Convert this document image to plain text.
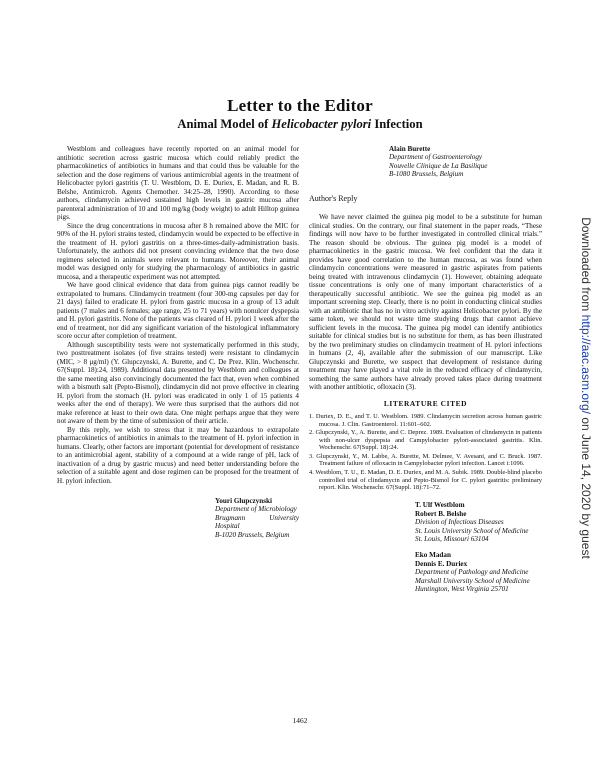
Letter to the Editor
Animal Model of Helicobacter pylori Infection

Westblom and colleagues have recently reported on an animal model for antibiotic secretion across gastric mucosa which could reliably predict the pharmacokinetics of antibiotics in humans and that could thus be valuable for the selection and the dose regimens of various antimicrobial agents in the treatment of Helicobacter pylori gastritis (T. U. Westblom, D. E. Duriex, E. Madan, and R. B. Belshe, Antimicrob. Agents Chemother. 34:25–28, 1990). According to these authors, clindamycin achieved sustained high levels in gastric mucosa after parenteral administration of 10 and 100 mg/kg (body weight) to adult Hilltop guinea pigs.

Since the drug concentrations in mucosa after 8 h remained above the MIC for 90% of the H. pylori strains tested, clindamycin would be expected to be effective in the treatment of H. pylori gastritis on a three-times-daily-administration basis. Unfortunately, the authors did not present convincing evidence that the two dose regimens selected in animals were relevant to humans. Moreover, their animal model was designed only for studying the pharmacology of antibiotics in gastric mucosa, and a therapeutic experiment was not attempted.

We have good clinical evidence that data from guinea pigs cannot readily be extrapolated to humans. Clindamycin treatment (four 300-mg capsules per day for 21 days) failed to eradicate H. pylori from gastric mucosa in a group of 13 adult patients (7 males and 6 females; age range, 25 to 71 years) with nonulcer dyspepsia and H. pylori gastritis. None of the patients was cleared of H. pylori 1 week after the end of treatment, nor did any significant variation of the histological inflammatory score occur after completion of treatment.

Although susceptibility tests were not systematically performed in this study, two posttreatment isolates (of five strains tested) were resistant to clindamycin (MIC, > 8 μg/ml) (Y. Glupczynski, A. Burette, and C. De Prez. Klin. Wochenschr. 67(Suppl. 18):24, 1989). Additional data presented by Westblom and colleagues at the same meeting also convincingly documented the fact that, even when combined with a bismuth salt (Pepto-Bismol), clindamycin did not prove effective in clearing H. pylori from the stomach (H. pylori was eradicated in only 1 of 15 patients 4 weeks after the end of therapy). We were thus surprised that the authors did not make reference at least to their own data. One might perhaps argue that they were not aware of them by the time of submission of their article.

By this reply, we wish to stress that it may be hazardous to extrapolate pharmacokinetics of antibiotics in animals to the treatment of H. pylori infection in humans. Clearly, other factors are important (potential for development of resistance to an antimicrobial agent, stability of a compound at a wide range of pH, lack of inactivation of a drug by gastric mucus) and need better understanding before the selection of a suitable agent and dose regimen can be proposed for the treatment of H. pylori infection.

Youri Glupczynski
Department of Microbiology
Brugmann University Hospital
B-1020 Brussels, Belgium
Alain Burette
Department of Gastroenterology
Nouvelle Clinique de La Basilique
B-1080 Brussels, Belgium
Author's Reply

We have never claimed the guinea pig model to be a substitute for human clinical studies. On the contrary, our final statement in the paper reads, “These findings will now have to be further investigated in controlled clinical trials.” The reason should be obvious. The guinea pig model is a model of pharmacokinetics in the gastric mucosa. We feel confident that the data it provides have good correlation to the human mucosa, as was found when clindamycin concentrations were measured in gastric aspirates from patients being treated with intravenous clindamycin (1). However, obtaining adequate tissue concentrations is only one of many important characteristics of a therapeutically successful antibiotic. We see the guinea pig model as an important screening step. Clearly, there is no point in conducting clinical studies with an antibiotic that has no in vitro activity against Helicobacter pylori. By the same token, we should not waste time studying drugs that cannot achieve sufficient levels in the mucosa. The guinea pig model can identify antibiotics suitable for clinical studies but is no substitute for them, as has been illustrated by the two preliminary studies on clindamycin treatment of H. pylori infections in humans (2, 4), available after the submission of our manuscript. Like Glupczynski and Burette, we suspect that development of resistance during treatment may have played a vital role in the reduced efficacy of clindamycin, something the same authors have already proved takes place during treatment with another antibiotic, ofloxacin (3).

LITERATURE CITED
1. Duriex, D. E., and T. U. Westblom. 1989. Clindamycin secretion across human gastric mucosa. J. Clin. Gastroenterol. 11:601–602.
2. Glupczynski, Y., A. Burette, and C. Deprez. 1989. Evaluation of clindamycin in patients with non-ulcer dyspepsia and Campylobacter pylori-associated gastritis. Klin. Wochenschr. 67(Suppl. 18):24.
3. Glupczynski, Y., M. Labbe, A. Burette, M. Delmee, V. Avesani, and C. Bruck. 1987. Treatment failure of ofloxacin in Campylobacter pylori infection. Lancet i:1096.
4. Westblom, T. U., E. Madan, D. E. Duriex, and M. A. Subik. 1989. Double-blind placebo controlled trial of clindamycin and Pepto-Bismol for C. pylori gastritis: preliminary report. Klin. Wochenschr. 67(Suppl. 18):71–72.
T. Ulf Westblom
Robert B. Belshe
Division of Infectious Diseases
St. Louis University School of Medicine
St. Louis, Missouri 63104
Eko Madan
Dennis E. Duriex
Department of Pathology and Medicine
Marshall University School of Medicine
Huntington, West Virginia 25701
1462
Downloaded from http://aac.asm.org/ on June 14, 2020 by guest
